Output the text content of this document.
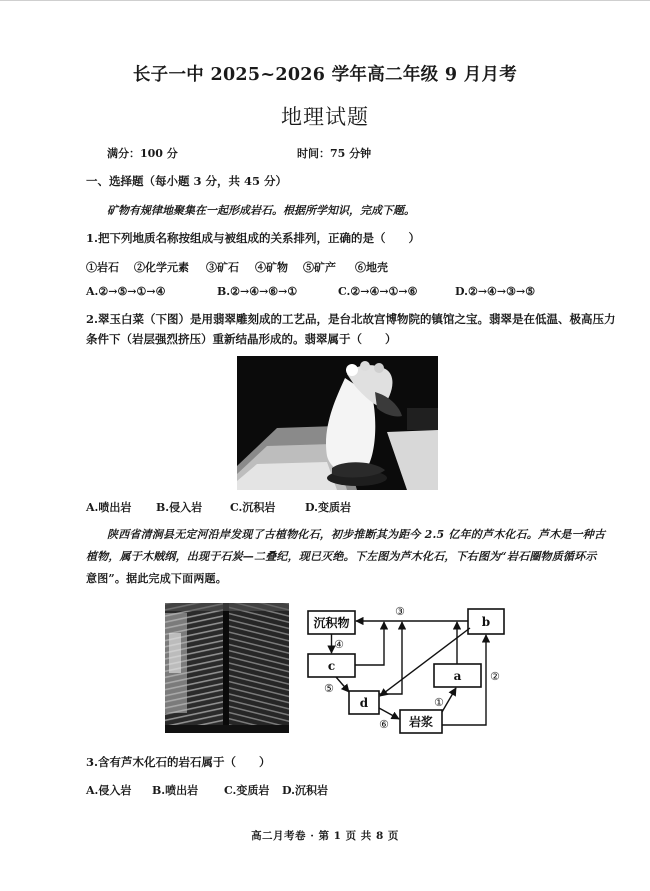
长子一中 2025~2026 学年高二年级 9 月月考
地理试题
满分：100 分	时间：75 分钟
一、选择题（每小题 3 分，共 45 分）
矿物有规律地聚集在一起形成岩石。根据所学知识，完成下题。
1.把下列地质名称按组成与被组成的关系排列，正确的是（　　）
①岩石 ②化学元素 ③矿石 ④矿物 ⑤矿产 ⑥地壳
A.②→⑤→①→④	B.②→④→⑥→①	C.②→④→①→⑥	D.②→④→③→⑤
2.翠玉白菜（下图）是用翡翠雕刻成的工艺品，是台北故宫博物院的镇馆之宝。翡翠是在低温、极高压力
条件下（岩层强烈挤压）重新结晶形成的。翡翠属于（　　）
A.喷出岩 B.侵入岩	C.沉积岩	D.变质岩
陕西省清涧县无定河沿岸发现了古植物化石，初步推断其为距今 2.5 亿年的芦木化石。芦木是一种古
植物，属于木贼纲，出现于石炭—二叠纪，现已灭绝。下左图为芦木化石，下右图为“岩石圈物质循环示
意图”。据此完成下面两题。
沉积物	b
c
a
d
岩浆
③
④
⑤
⑥
①
②
3.含有芦木化石的岩石属于（　　）
A.侵入岩 B.喷出岩 C.变质岩 D.沉积岩
高二月考卷 · 第 1 页 共 8 页
